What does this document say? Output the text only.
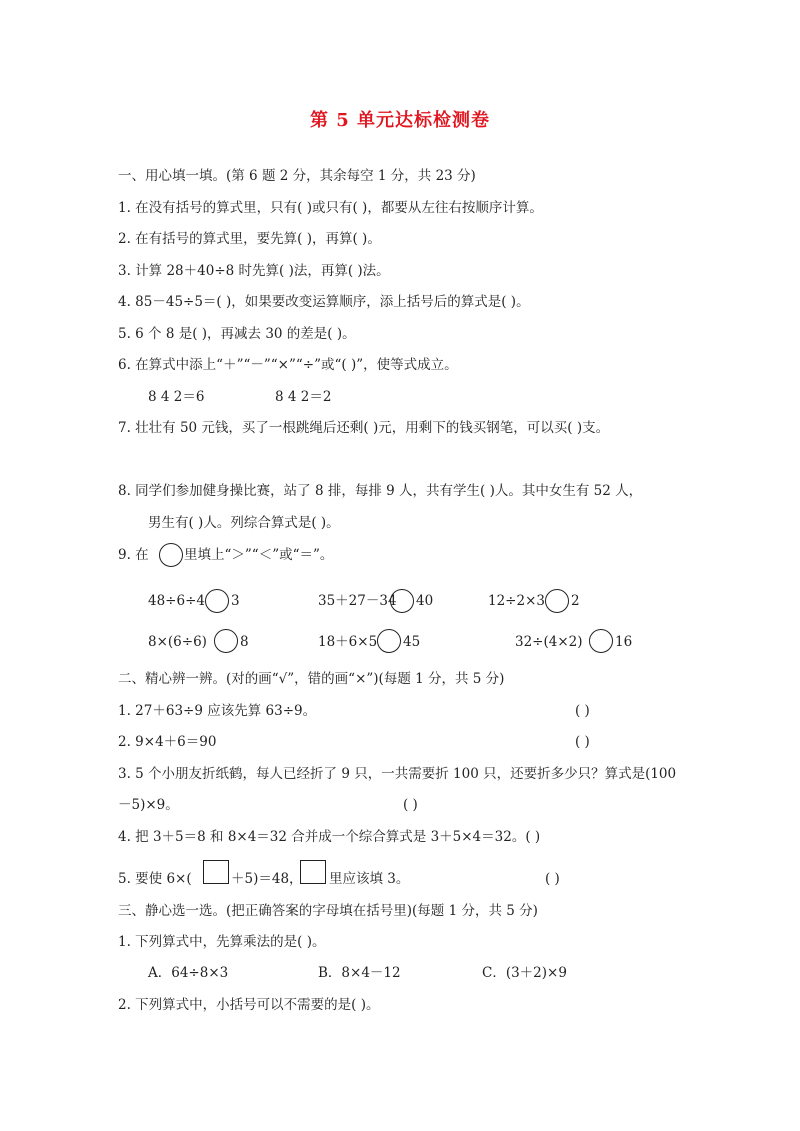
第 5 单元达标检测卷
一、用心填一填。(第 6 题 2 分，其余每空 1 分，共 23 分)
1. 在没有括号的算式里，只有( )或只有( )，都要从左往右按顺序计算。
2. 在有括号的算式里，要先算( )，再算( )。
3. 计算 28＋40÷8 时先算( )法，再算( )法。
4. 85－45÷5＝( )，如果要改变运算顺序，添上括号后的算式是( )。
5. 6 个 8 是( )，再减去 30 的差是( )。
6. 在算式中添上“＋”“－”“×”“÷”或“( )”，使等式成立。
8 4 2＝6	8 4 2＝2
7. 壮壮有 50 元钱，买了一根跳绳后还剩( )元，用剩下的钱买钢笔，可以买( )支。
8. 同学们参加健身操比赛，站了 8 排，每排 9 人，共有学生( )人。其中女生有 52 人，
男生有( )人。列综合算式是( )。
9. 在	里填上“＞”“＜”或“＝”。
48÷6÷4 3	35＋27－34 40	12÷2×3 2
8×(6÷6) 8	18＋6×5 45	32÷(4×2) 16
二、精心辨一辨。(对的画“√”，错的画“×”)(每题 1 分，共 5 分)
1. 27＋63÷9 应该先算 63÷9。	( )
2. 9×4＋6＝90	( )
3. 5 个小朋友折纸鹤，每人已经折了 9 只，一共需要折 100 只，还要折多少只？算式是(100
－5)×9。	( )
4. 把 3＋5＝8 和 8×4＝32 合并成一个综合算式是 3＋5×4＝32。( )
5. 要使 6×(	＋5)＝48， 里应该填 3。	( )
三、静心选一选。(把正确答案的字母填在括号里)(每题 1 分，共 5 分)
1. 下列算式中，先算乘法的是( )。
A．64÷8×3	B．8×4－12	C．(3＋2)×9
2. 下列算式中，小括号可以不需要的是( )。
